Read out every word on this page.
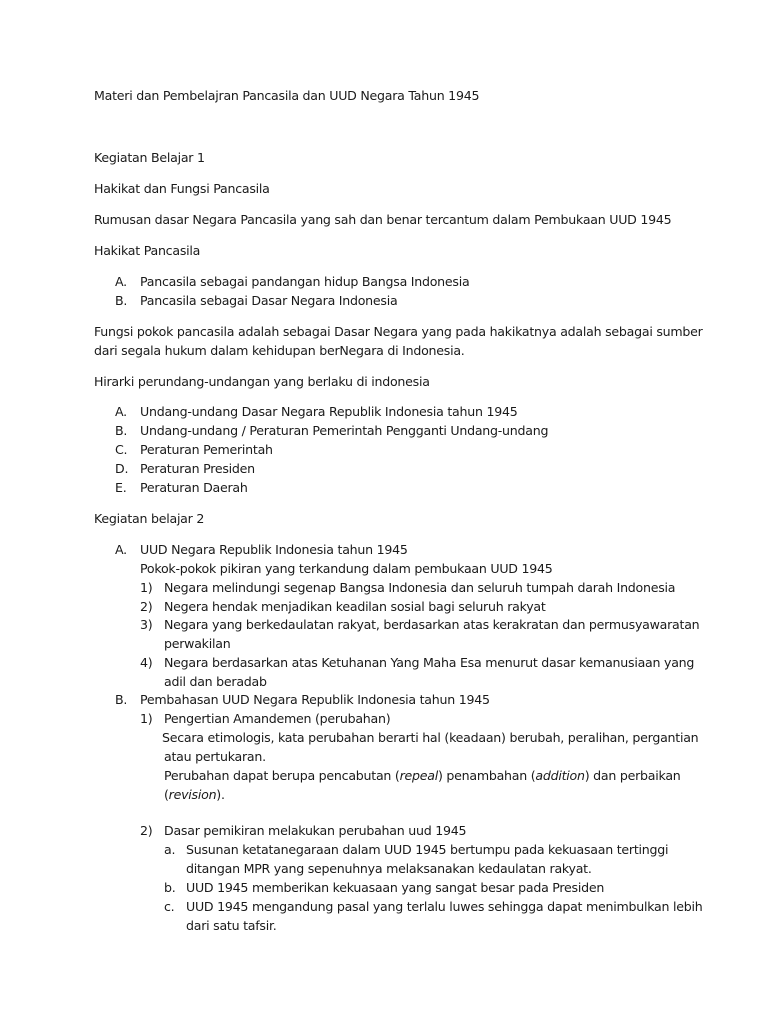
Materi dan Pembelajran Pancasila dan UUD Negara Tahun 1945
Kegiatan Belajar 1
Hakikat dan Fungsi Pancasila
Rumusan dasar Negara Pancasila yang sah dan benar tercantum dalam Pembukaan UUD 1945
Hakikat Pancasila
A. Pancasila sebagai pandangan hidup Bangsa Indonesia
B. Pancasila sebagai Dasar Negara Indonesia
Fungsi pokok pancasila adalah sebagai Dasar Negara yang pada hakikatnya adalah sebagai sumber
dari segala hukum dalam kehidupan berNegara di Indonesia.
Hirarki perundang-undangan yang berlaku di indonesia
A. Undang-undang Dasar Negara Republik Indonesia tahun 1945
B. Undang-undang / Peraturan Pemerintah Pengganti Undang-undang
C. Peraturan Pemerintah
D. Peraturan Presiden
E. Peraturan Daerah
Kegiatan belajar 2
A. UUD Negara Republik Indonesia tahun 1945
Pokok-pokok pikiran yang terkandung dalam pembukaan UUD 1945
1) Negara melindungi segenap Bangsa Indonesia dan seluruh tumpah darah Indonesia
2) Negera hendak menjadikan keadilan sosial bagi seluruh rakyat
3) Negara yang berkedaulatan rakyat, berdasarkan atas kerakratan dan permusyawaratan
perwakilan
4) Negara berdasarkan atas Ketuhanan Yang Maha Esa menurut dasar kemanusiaan yang
adil dan beradab
B. Pembahasan UUD Negara Republik Indonesia tahun 1945
1) Pengertian Amandemen (perubahan)
Secara etimologis, kata perubahan berarti hal (keadaan) berubah, peralihan, pergantian
atau pertukaran.
Perubahan dapat berupa pencabutan (repeal) penambahan (addition) dan perbaikan
(revision).
2) Dasar pemikiran melakukan perubahan uud 1945
a. Susunan ketatanegaraan dalam UUD 1945 bertumpu pada kekuasaan tertinggi
ditangan MPR yang sepenuhnya melaksanakan kedaulatan rakyat.
b. UUD 1945 memberikan kekuasaan yang sangat besar pada Presiden
c. UUD 1945 mengandung pasal yang terlalu luwes sehingga dapat menimbulkan lebih
dari satu tafsir.
